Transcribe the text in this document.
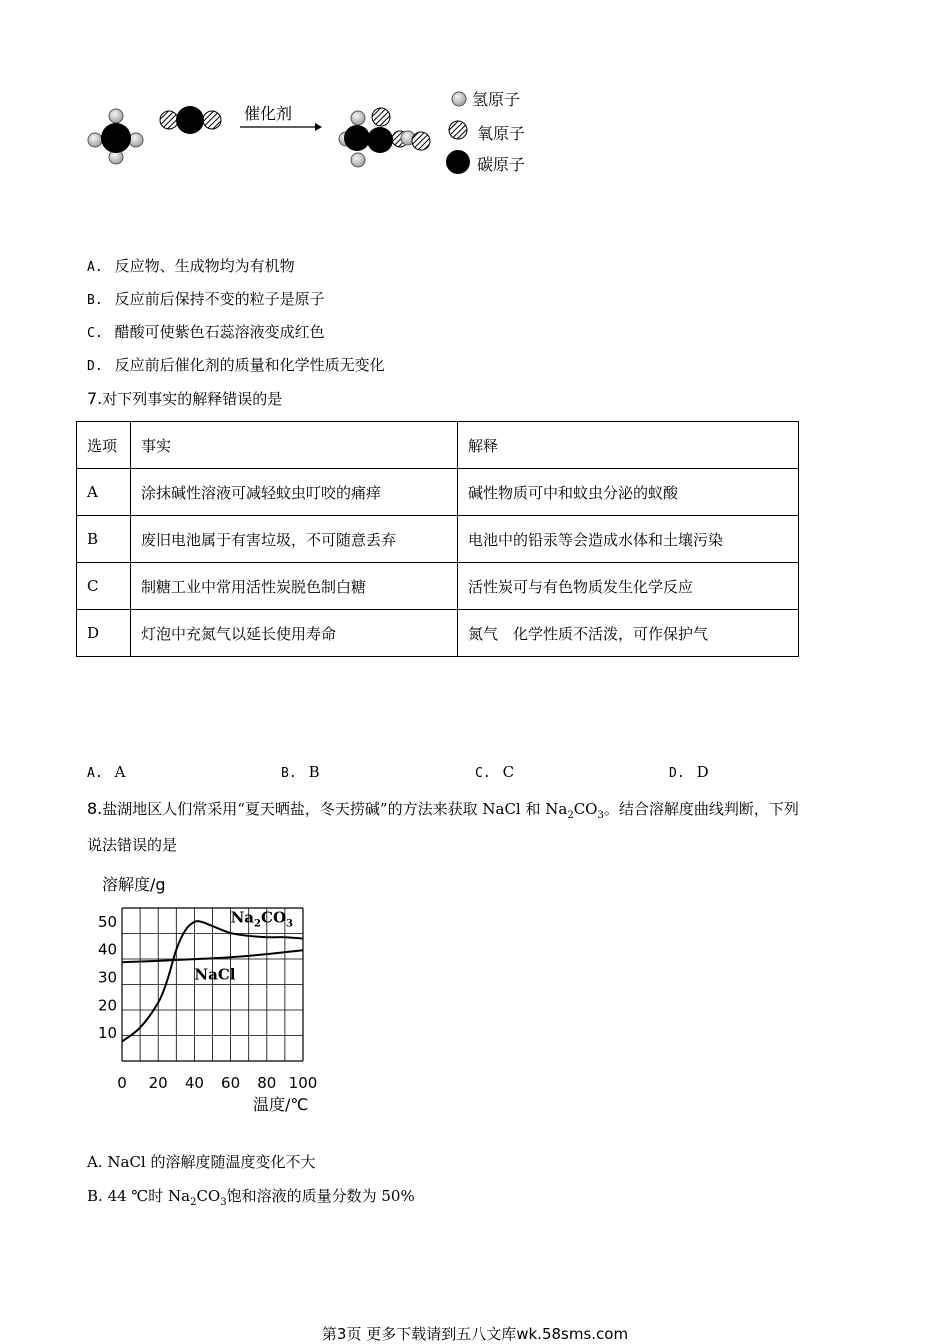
催化剂
氢原子
氧原子
碳原子
A. 反应物、生成物均为有机物
B. 反应前后保持不变的粒子是原子
C. 醋酸可使紫色石蕊溶液变成红色
D. 反应前后催化剂的质量和化学性质无变化
7.对下列事实的解释错误的是
选项	事实	解释
A	涂抹碱性溶液可减轻蚊虫叮咬的痛痒	碱性物质可中和蚊虫分泌的蚁酸
B	废旧电池属于有害垃圾，不可随意丢弃	电池中的铅汞等会造成水体和土壤污染
C	制糖工业中常用活性炭脱色制白糖	活性炭可与有色物质发生化学反应
D	灯泡中充氮气以延长使用寿命	氮气　化学性质不活泼，可作保护气
A. A	B. B	C. C	D. D
8.盐湖地区人们常采用“夏天晒盐，冬天捞碱”的方法来获取 NaCl 和 $Na_2CO_3$。结合溶解度曲线判断，下列
说法错误的是
溶解度/g
10
20
30
40
50
0 20 40 60 80 100
$Na_2CO_3$
NaCl
温度/℃
A. NaCl 的溶解度随温度变化不大
B. 44 ℃时 $Na_2CO_3$饱和溶液的质量分数为 50%
第3页 更多下载请到五八文库wk.58sms.com
